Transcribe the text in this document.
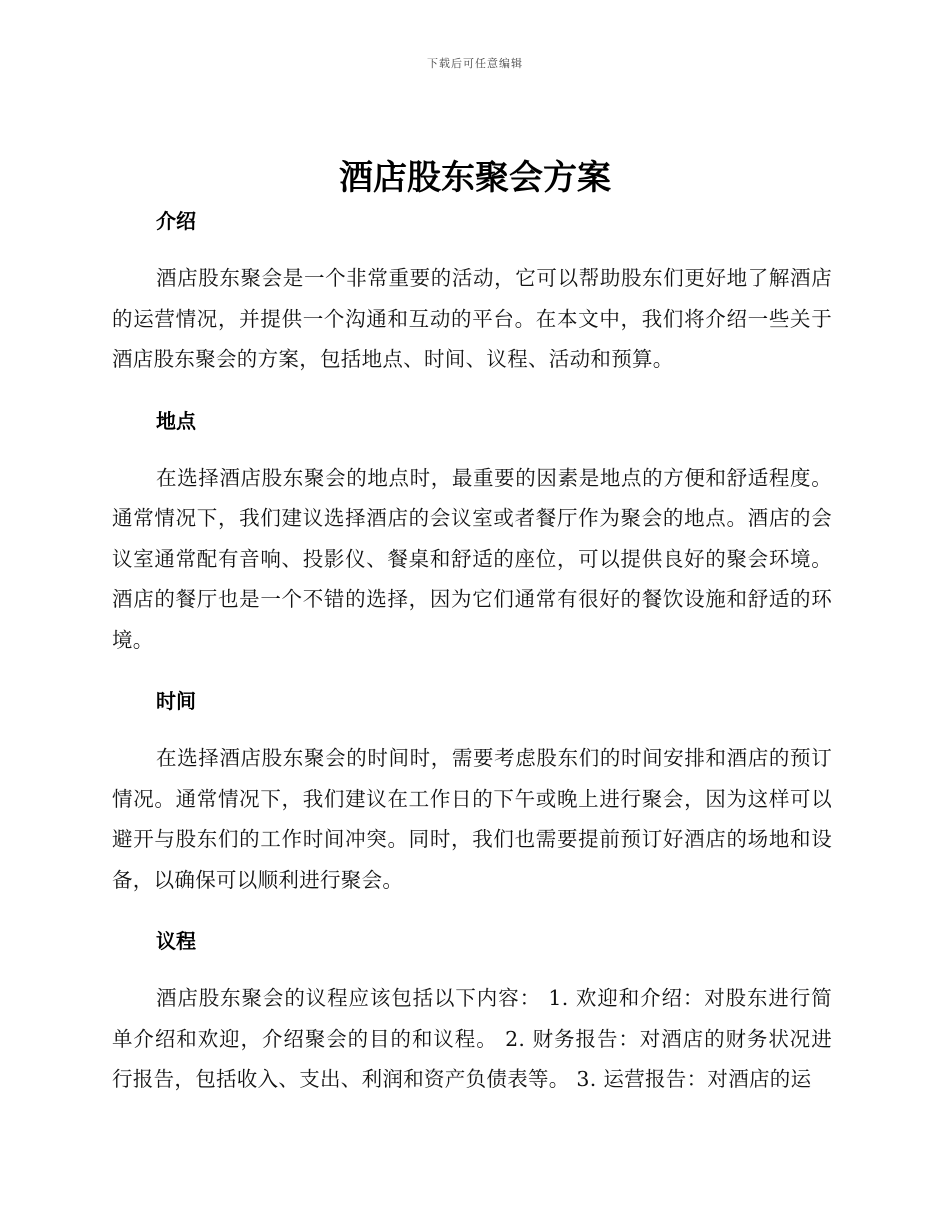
下载后可任意编辑
酒店股东聚会方案
介绍

酒店股东聚会是一个非常重要的活动，它可以帮助股东们更好地了解酒店的运营情况，并提供一个沟通和互动的平台。在本文中，我们将介绍一些关于酒店股东聚会的方案，包括地点、时间、议程、活动和预算。

地点

在选择酒店股东聚会的地点时，最重要的因素是地点的方便和舒适程度。通常情况下，我们建议选择酒店的会议室或者餐厅作为聚会的地点。酒店的会议室通常配有音响、投影仪、餐桌和舒适的座位，可以提供良好的聚会环境。酒店的餐厅也是一个不错的选择，因为它们通常有很好的餐饮设施和舒适的环境。

时间

在选择酒店股东聚会的时间时，需要考虑股东们的时间安排和酒店的预订情况。通常情况下，我们建议在工作日的下午或晚上进行聚会，因为这样可以避开与股东们的工作时间冲突。同时，我们也需要提前预订好酒店的场地和设备，以确保可以顺利进行聚会。

议程

酒店股东聚会的议程应该包括以下内容： 1. 欢迎和介绍：对股东进行简单介绍和欢迎，介绍聚会的目的和议程。 2. 财务报告：对酒店的财务状况进行报告，包括收入、支出、利润和资产负债表等。 3. 运营报告：对酒店的运
